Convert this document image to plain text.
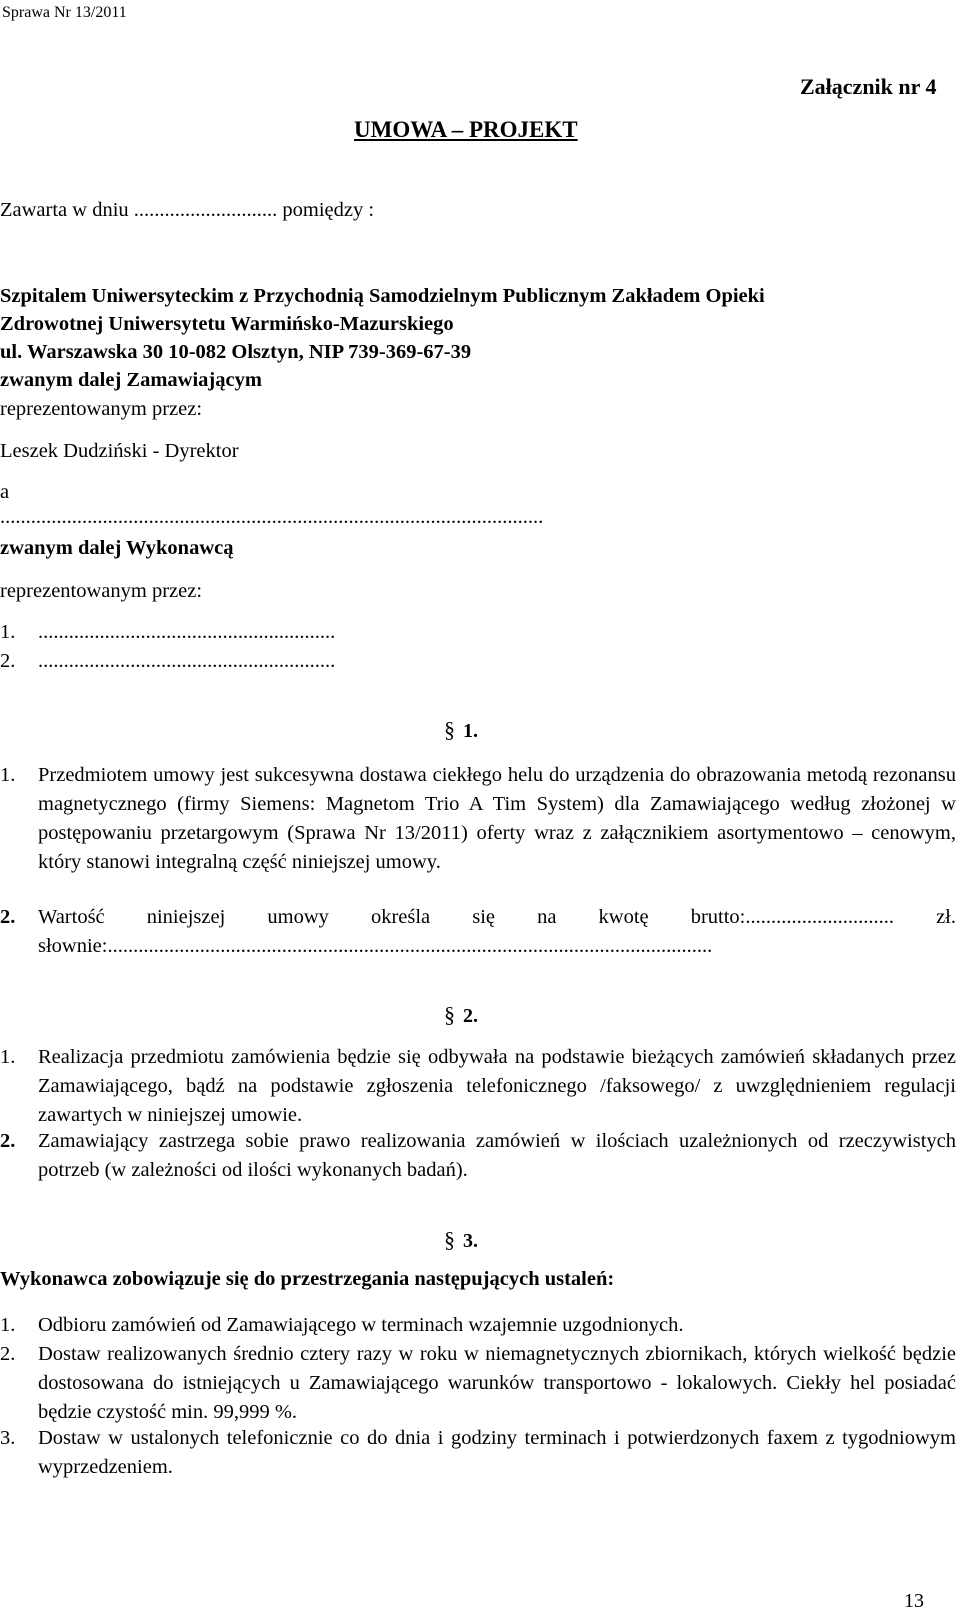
Sprawa Nr 13/2011
Załącznik nr 4
UMOWA – PROJEKT
Zawarta w dniu ............................ pomiędzy :
Szpitalem Uniwersyteckim z Przychodnią Samodzielnym Publicznym Zakładem Opieki
Zdrowotnej Uniwersytetu Warmińsko-Mazurskiego
ul. Warszawska 30 10-082 Olsztyn, NIP 739-369-67-39
zwanym dalej Zamawiającym
reprezentowanym przez:
Leszek Dudziński - Dyrektor
a
..........................................................................................................
zwanym dalej Wykonawcą
reprezentowanym przez:
1. ..........................................................
2. ..........................................................
§ 1.
1. Przedmiotem umowy jest sukcesywna dostawa ciekłego helu do urządzenia do obrazowania metodą rezonansu magnetycznego (firmy Siemens: Magnetom Trio A Tim System) dla Zamawiającego według złożonej w postępowaniu przetargowym (Sprawa Nr 13/2011) oferty wraz z załącznikiem asortymentowo – cenowym, który stanowi integralną część niniejszej umowy.
2. Wartość niniejszej umowy określa się na kwotę brutto:............................. zł. słownie:......................................................................................................................
§ 2.
1. Realizacja przedmiotu zamówienia będzie się odbywała na podstawie bieżących zamówień składanych przez Zamawiającego, bądź na podstawie zgłoszenia telefonicznego /faksowego/ z uwzględnieniem regulacji zawartych w niniejszej umowie.
2. Zamawiający zastrzega sobie prawo realizowania zamówień w ilościach uzależnionych od rzeczywistych potrzeb (w zależności od ilości wykonanych badań).
§ 3.
Wykonawca zobowiązuje się do przestrzegania następujących ustaleń:
1. Odbioru zamówień od Zamawiającego w terminach wzajemnie uzgodnionych.
2. Dostaw realizowanych średnio cztery razy w roku w niemagnetycznych zbiornikach, których wielkość będzie dostosowana do istniejących u Zamawiającego warunków transportowo - lokalowych. Ciekły hel posiadać będzie czystość min. 99,999 %.
3. Dostaw w ustalonych telefonicznie co do dnia i godziny terminach i potwierdzonych faxem z tygodniowym wyprzedzeniem.
13
